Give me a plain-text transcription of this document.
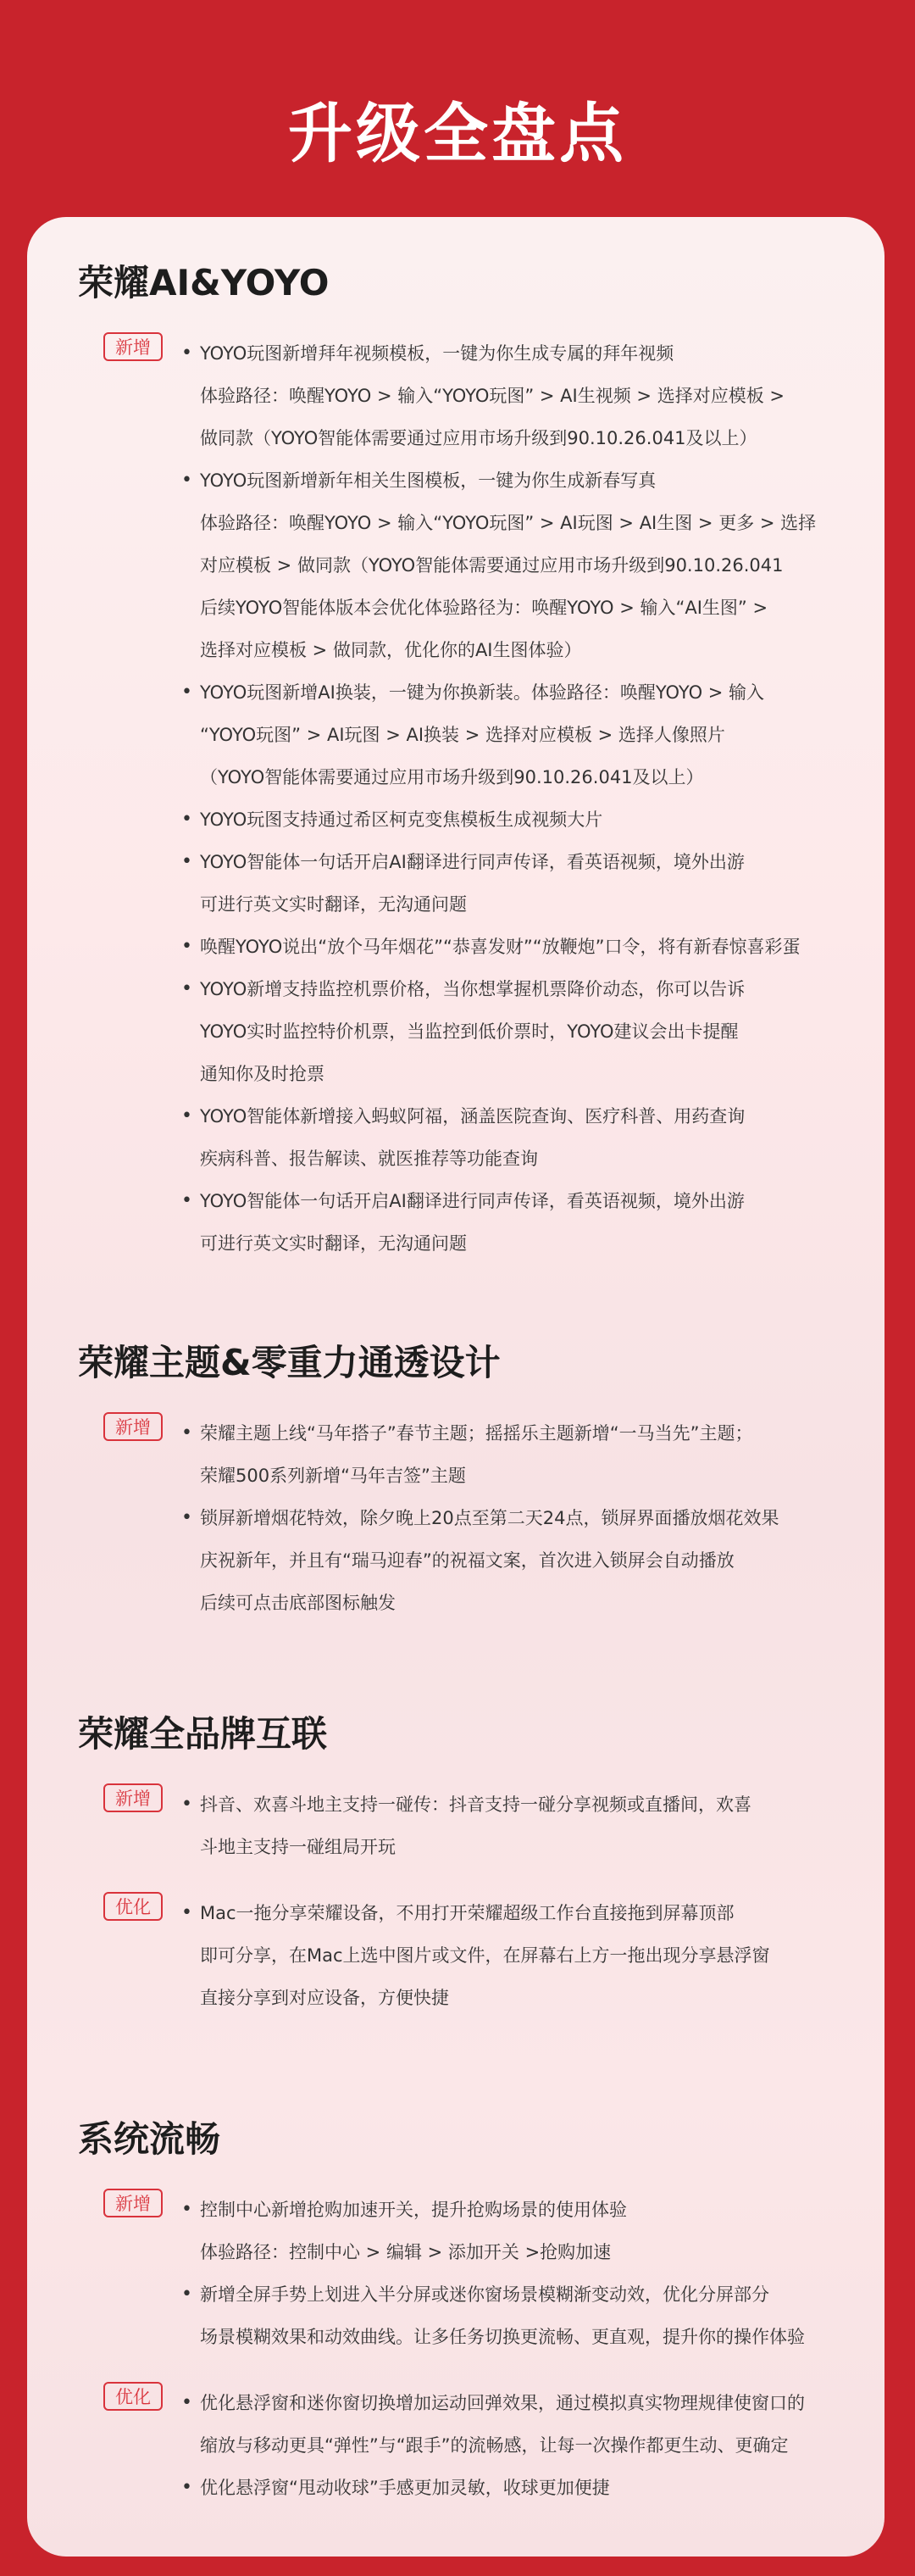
升级全盘点
荣耀AI&YOYO
新增	• YOYO玩图新增拜年视频模板，一键为你生成专属的拜年视频
体验路径：唤醒YOYO > 输入“YOYO玩图” > AI生视频 > 选择对应模板 >
做同款（YOYO智能体需要通过应用市场升级到90.10.26.041及以上）
• YOYO玩图新增新年相关生图模板，一键为你生成新春写真
体验路径：唤醒YOYO > 输入“YOYO玩图” > AI玩图 > AI生图 > 更多 > 选择
对应模板 > 做同款（YOYO智能体需要通过应用市场升级到90.10.26.041
后续YOYO智能体版本会优化体验路径为：唤醒YOYO > 输入“AI生图” >
选择对应模板 > 做同款，优化你的AI生图体验）
• YOYO玩图新增AI换装，一键为你换新装。体验路径：唤醒YOYO > 输入
“YOYO玩图” > AI玩图 > AI换装 > 选择对应模板 > 选择人像照片
（YOYO智能体需要通过应用市场升级到90.10.26.041及以上）
• YOYO玩图支持通过希区柯克变焦模板生成视频大片
• YOYO智能体一句话开启AI翻译进行同声传译，看英语视频，境外出游
可进行英文实时翻译，无沟通问题
• 唤醒YOYO说出“放个马年烟花”“恭喜发财”“放鞭炮”口令，将有新春惊喜彩蛋
• YOYO新增支持监控机票价格，当你想掌握机票降价动态，你可以告诉
YOYO实时监控特价机票，当监控到低价票时，YOYO建议会出卡提醒
通知你及时抢票
• YOYO智能体新增接入蚂蚁阿福，涵盖医院查询、医疗科普、用药查询
疾病科普、报告解读、就医推荐等功能查询
• YOYO智能体一句话开启AI翻译进行同声传译，看英语视频，境外出游
可进行英文实时翻译，无沟通问题
荣耀主题&零重力通透设计
新增	• 荣耀主题上线“马年搭子”春节主题；摇摇乐主题新增“一马当先”主题；
荣耀500系列新增“马年吉签”主题
• 锁屏新增烟花特效，除夕晚上20点至第二天24点，锁屏界面播放烟花效果
庆祝新年，并且有“瑞马迎春”的祝福文案，首次进入锁屏会自动播放
后续可点击底部图标触发
荣耀全品牌互联
新增	• 抖音、欢喜斗地主支持一碰传：抖音支持一碰分享视频或直播间，欢喜
斗地主支持一碰组局开玩
优化	• Mac一拖分享荣耀设备，不用打开荣耀超级工作台直接拖到屏幕顶部
即可分享，在Mac上选中图片或文件，在屏幕右上方一拖出现分享悬浮窗
直接分享到对应设备，方便快捷
系统流畅
新增	• 控制中心新增抢购加速开关，提升抢购场景的使用体验
体验路径：控制中心 > 编辑 > 添加开关 >抢购加速
• 新增全屏手势上划进入半分屏或迷你窗场景模糊渐变动效，优化分屏部分
场景模糊效果和动效曲线。让多任务切换更流畅、更直观，提升你的操作体验
优化	• 优化悬浮窗和迷你窗切换增加运动回弹效果，通过模拟真实物理规律使窗口的
缩放与移动更具“弹性”与“跟手”的流畅感，让每一次操作都更生动、更确定
• 优化悬浮窗“甩动收球”手感更加灵敏，收球更加便捷
